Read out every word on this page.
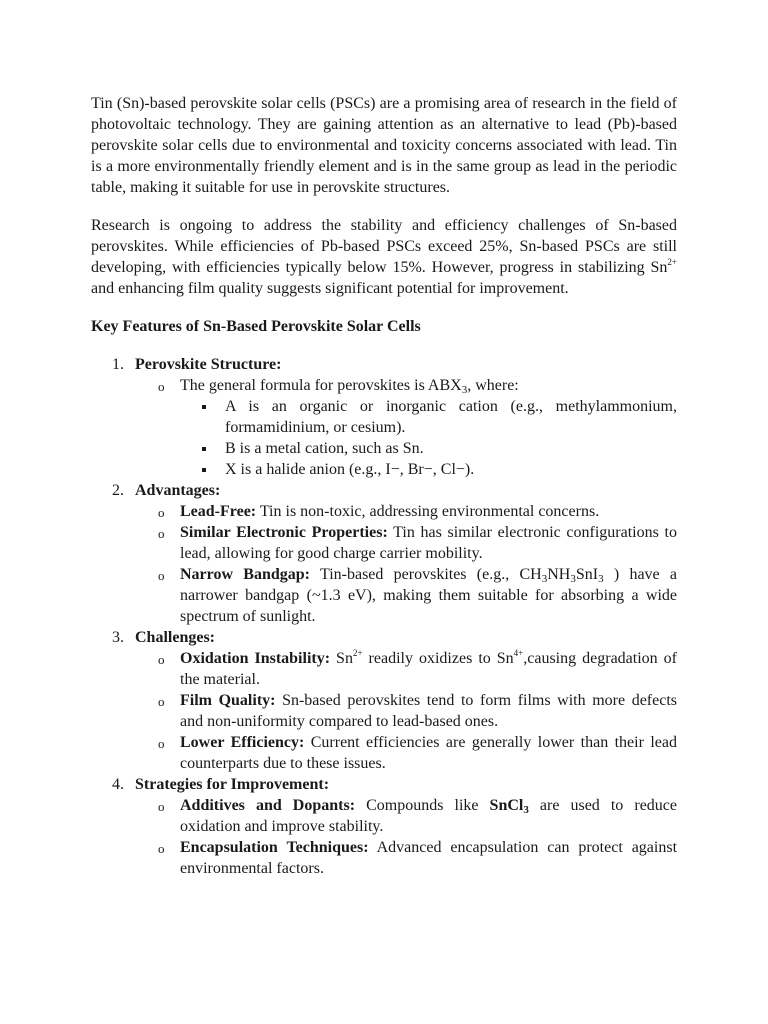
Tin (Sn)-based perovskite solar cells (PSCs) are a promising area of research in the field of photovoltaic technology. They are gaining attention as an alternative to lead (Pb)-based perovskite solar cells due to environmental and toxicity concerns associated with lead. Tin is a more environmentally friendly element and is in the same group as lead in the periodic table, making it suitable for use in perovskite structures.

Research is ongoing to address the stability and efficiency challenges of Sn-based perovskites. While efficiencies of Pb-based PSCs exceed 25%, Sn-based PSCs are still developing, with efficiencies typically below 15%. However, progress in stabilizing $Sn^{2+}$ and enhancing film quality suggests significant potential for improvement.

Key Features of Sn-Based Perovskite Solar Cells

1. Perovskite Structure:
o The general formula for perovskites is $ABX_3$, where:
A is an organic or inorganic cation (e.g., methylammonium, formamidinium, or cesium).
B is a metal cation, such as Sn.
X is a halide anion (e.g., I−, Br−, Cl−).
2. Advantages:
o Lead-Free: Tin is non-toxic, addressing environmental concerns.
o Similar Electronic Properties: Tin has similar electronic configurations to lead, allowing for good charge carrier mobility.
o Narrow Bandgap: Tin-based perovskites (e.g., $CH_3NH_3SnI_3$ ) have a narrower bandgap (~1.3 eV), making them suitable for absorbing a wide spectrum of sunlight.
3. Challenges:
o Oxidation Instability: $Sn^{2+}$ readily oxidizes to $Sn^{4+},causing$ degradation of the material.
o Film Quality: Sn-based perovskites tend to form films with more defects and non-uniformity compared to lead-based ones.
o Lower Efficiency: Current efficiencies are generally lower than their lead counterparts due to these issues.
4. Strategies for Improvement:
o Additives and Dopants: Compounds like SnCl$_3$ are used to reduce oxidation and improve stability.
o Encapsulation Techniques: Advanced encapsulation can protect against environmental factors.
